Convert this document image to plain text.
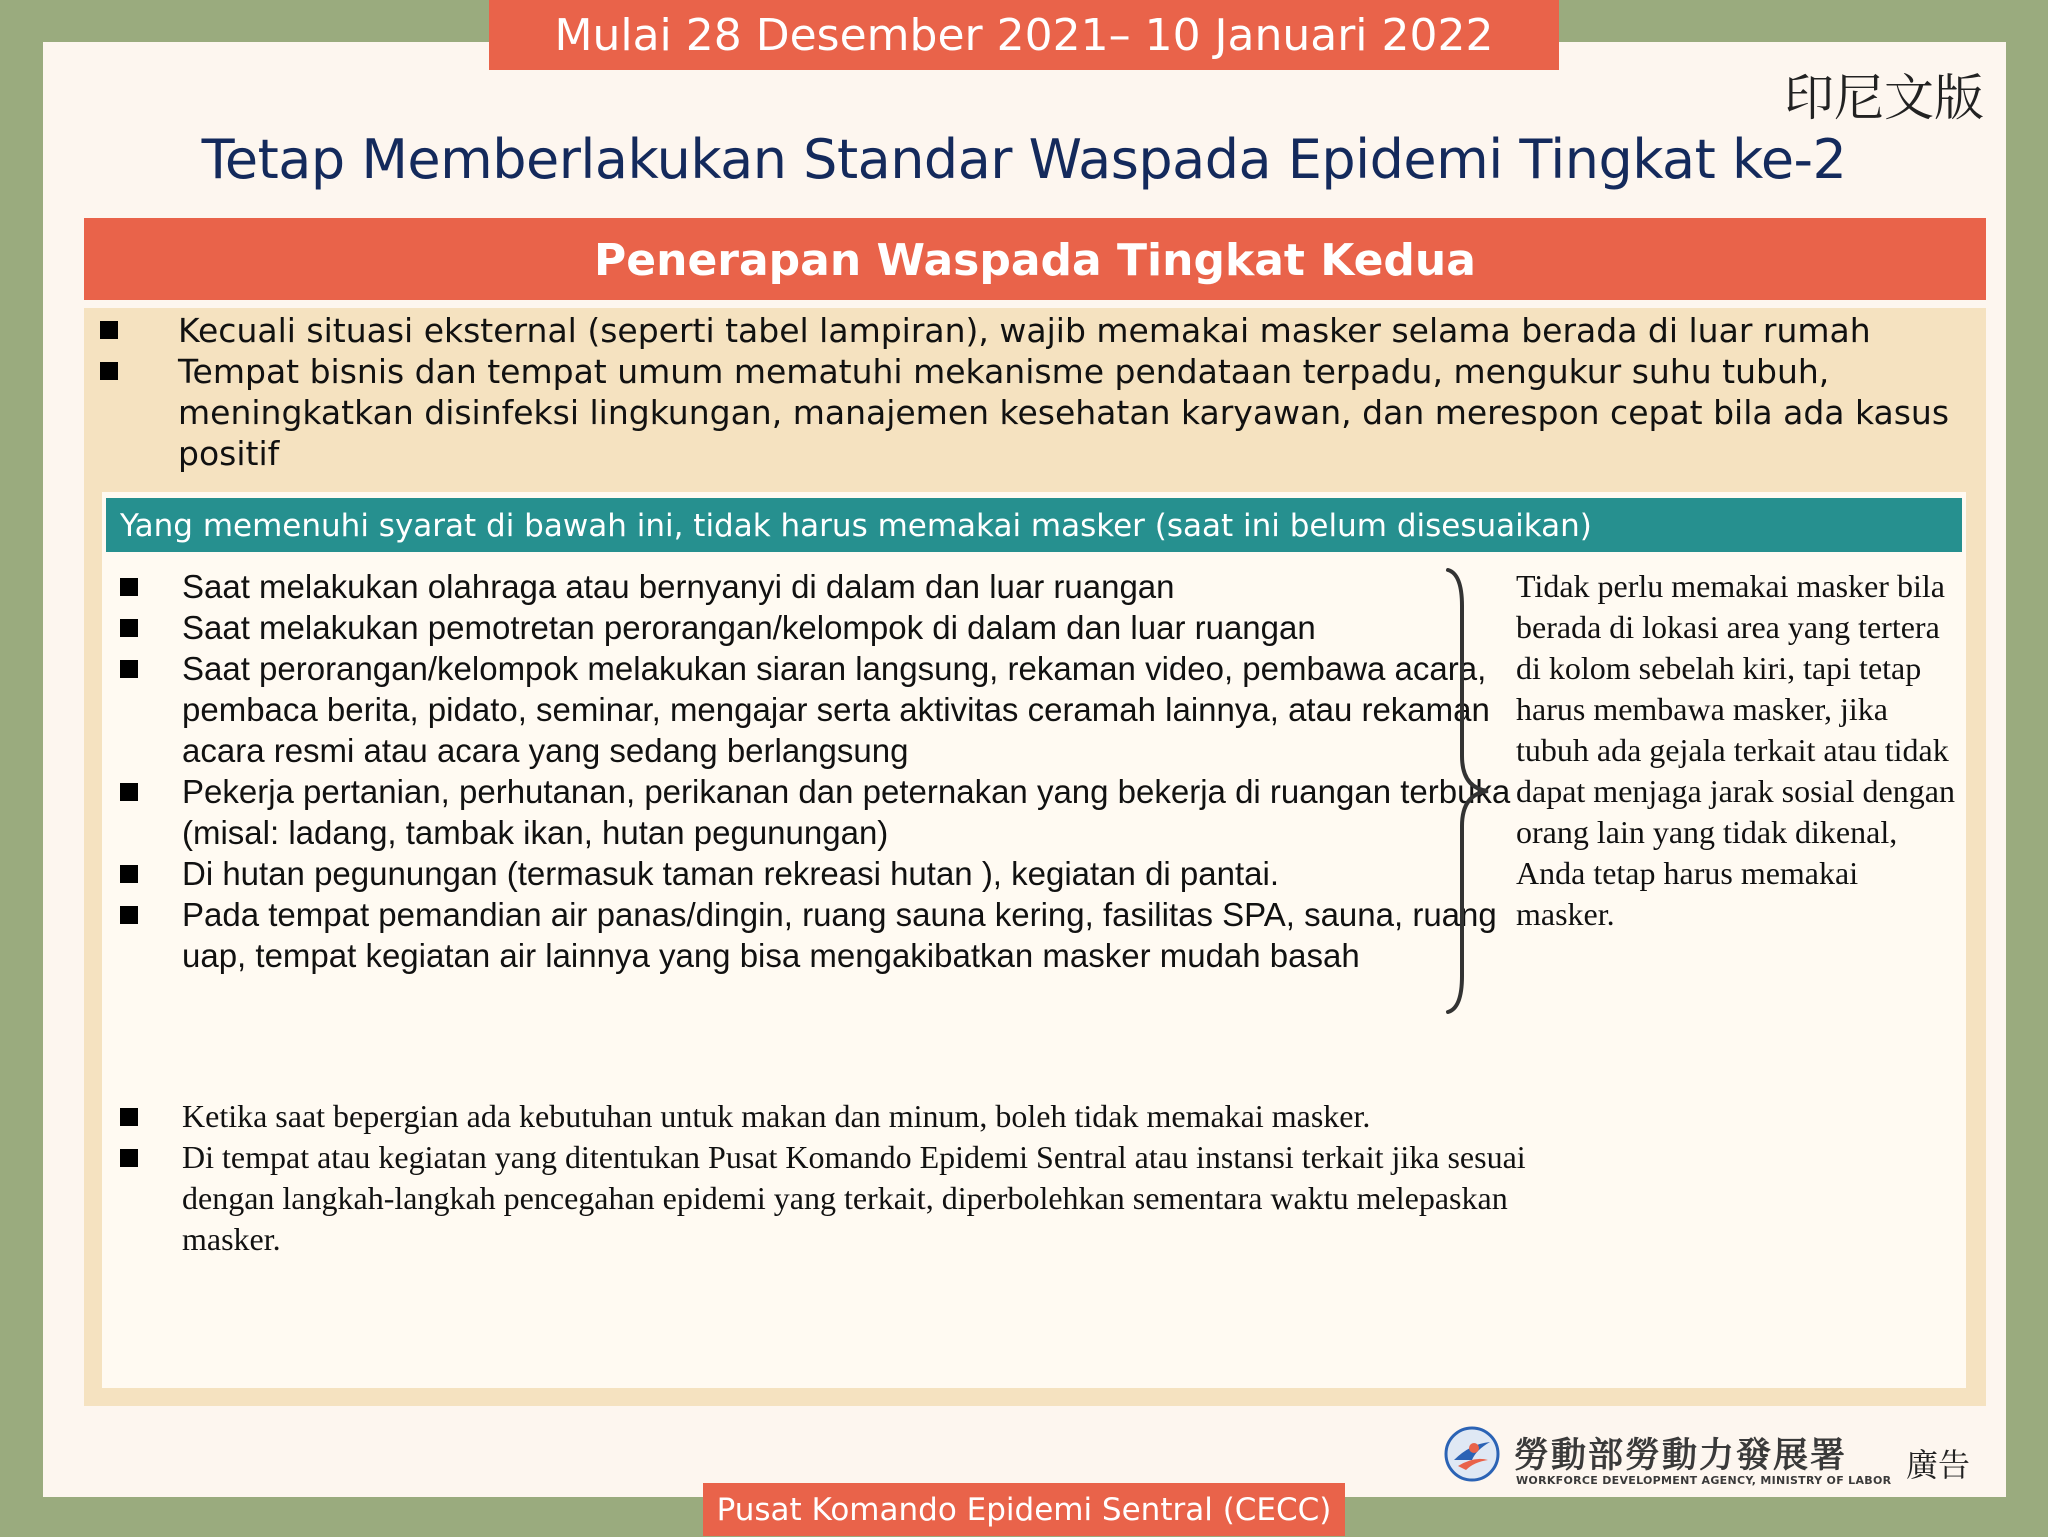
Mulai 28 Desember 2021– 10 Januari 2022
印尼文版
Tetap Memberlakukan Standar Waspada Epidemi Tingkat ke-2
Penerapan Waspada Tingkat Kedua
Kecuali situasi eksternal (seperti tabel lampiran), wajib memakai masker selama berada di luar rumah
Tempat bisnis dan tempat umum mematuhi mekanisme pendataan terpadu, mengukur suhu tubuh, meningkatkan disinfeksi lingkungan, manajemen kesehatan karyawan, dan merespon cepat bila ada kasus positif
Yang memenuhi syarat di bawah ini, tidak harus memakai masker (saat ini belum disesuaikan)
Saat melakukan olahraga atau bernyanyi di dalam dan luar ruangan
Saat melakukan pemotretan perorangan/kelompok di dalam dan luar ruangan
Saat perorangan/kelompok melakukan siaran langsung, rekaman video, pembawa acara, pembaca berita, pidato, seminar, mengajar serta aktivitas ceramah lainnya, atau rekaman acara resmi atau acara yang sedang berlangsung
Pekerja pertanian, perhutanan, perikanan dan peternakan yang bekerja di ruangan terbuka (misal: ladang, tambak ikan, hutan pegunungan)
Di hutan pegunungan (termasuk taman rekreasi hutan ), kegiatan di pantai.
Pada tempat pemandian air panas/dingin, ruang sauna kering, fasilitas SPA, sauna, ruang uap, tempat kegiatan air lainnya yang bisa mengakibatkan masker mudah basah
Tidak perlu memakai masker bila berada di lokasi area yang tertera di kolom sebelah kiri, tapi tetap harus membawa masker, jika tubuh ada gejala terkait atau tidak dapat menjaga jarak sosial dengan orang lain yang tidak dikenal, Anda tetap harus memakai masker.
Ketika saat bepergian ada kebutuhan untuk makan dan minum, boleh tidak memakai masker.
Di tempat atau kegiatan yang ditentukan Pusat Komando Epidemi Sentral atau instansi terkait jika sesuai dengan langkah-langkah pencegahan epidemi yang terkait, diperbolehkan sementara waktu melepaskan masker.
勞動部勞動力發展署
WORKFORCE DEVELOPMENT AGENCY, MINISTRY OF LABOR 廣告
Pusat Komando Epidemi Sentral (CECC)
